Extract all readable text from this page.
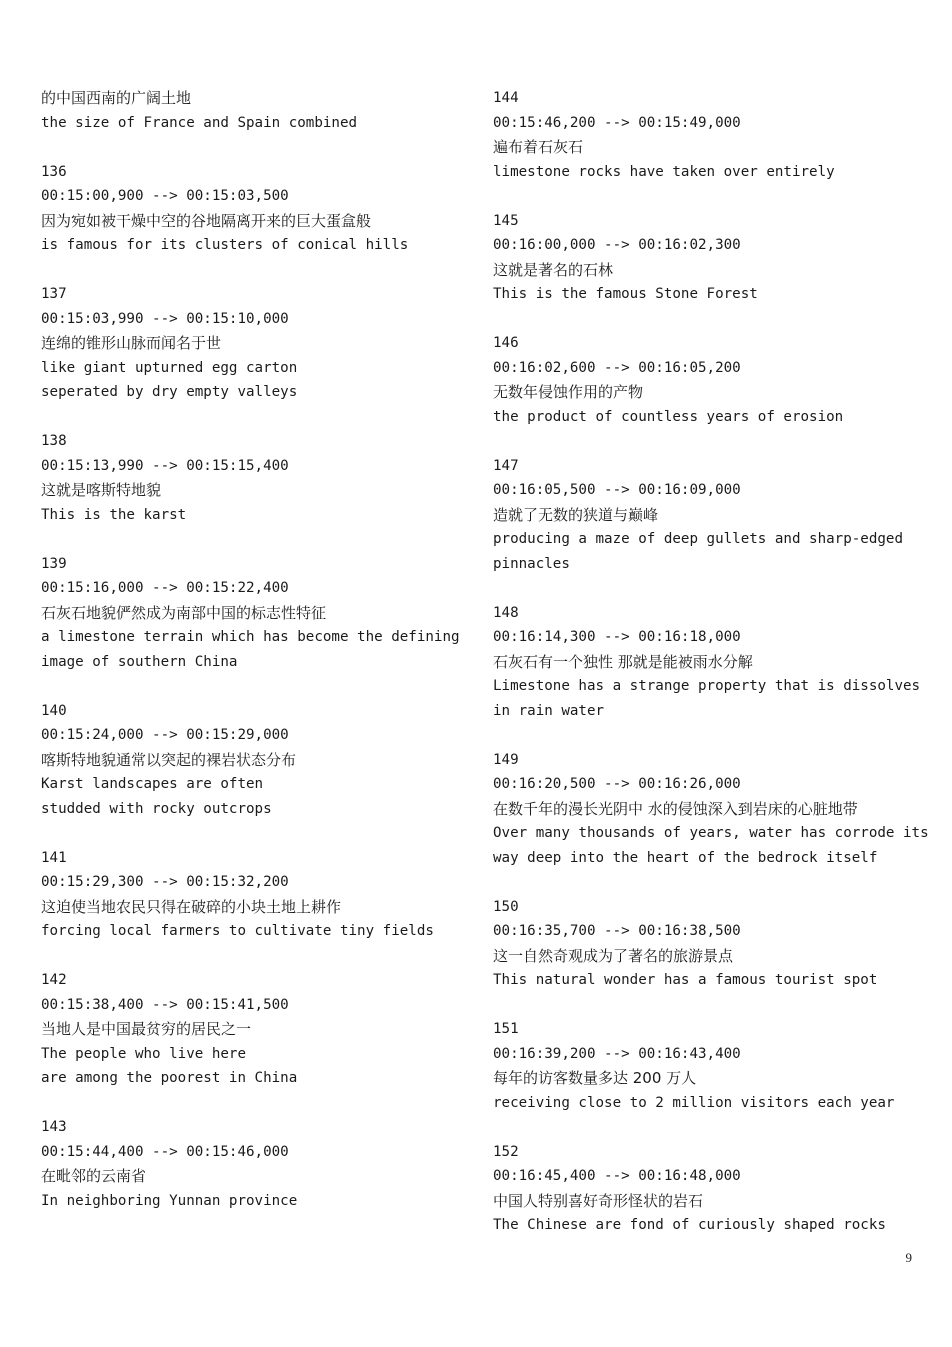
的中国西南的广阔土地
the size of France and Spain combined
136
00:15:00,900 --> 00:15:03,500
因为宛如被干燥中空的谷地隔离开来的巨大蛋盒般
is famous for its clusters of conical hills
137
00:15:03,990 --> 00:15:10,000
连绵的锥形山脉而闻名于世
like giant upturned egg carton
seperated by dry empty valleys
138
00:15:13,990 --> 00:15:15,400
这就是喀斯特地貌
This is the karst
139
00:15:16,000 --> 00:15:22,400
石灰石地貌俨然成为南部中国的标志性特征
a limestone terrain which has become the defining
image of southern China
140
00:15:24,000 --> 00:15:29,000
喀斯特地貌通常以突起的裸岩状态分布
Karst landscapes are often
studded with rocky outcrops
141
00:15:29,300 --> 00:15:32,200
这迫使当地农民只得在破碎的小块土地上耕作
forcing local farmers to cultivate tiny fields
142
00:15:38,400 --> 00:15:41,500
当地人是中国最贫穷的居民之一
The people who live here
are among the poorest in China
143
00:15:44,400 --> 00:15:46,000
在毗邻的云南省
In neighboring Yunnan province
144
00:15:46,200 --> 00:15:49,000
遍布着石灰石
limestone rocks have taken over entirely
145
00:16:00,000 --> 00:16:02,300
这就是著名的石林
This is the famous Stone Forest
146
00:16:02,600 --> 00:16:05,200
无数年侵蚀作用的产物
the product of countless years of erosion
147
00:16:05,500 --> 00:16:09,000
造就了无数的狭道与巅峰
producing a maze of deep gullets and sharp-edged
pinnacles
148
00:16:14,300 --> 00:16:18,000
石灰石有一个独性 那就是能被雨水分解
Limestone has a strange property that is dissolves
in rain water
149
00:16:20,500 --> 00:16:26,000
在数千年的漫长光阴中 水的侵蚀深入到岩床的心脏地带
Over many thousands of years, water has corrode its
way deep into the heart of the bedrock itself
150
00:16:35,700 --> 00:16:38,500
这一自然奇观成为了著名的旅游景点
This natural wonder has a famous tourist spot
151
00:16:39,200 --> 00:16:43,400
每年的访客数量多达 200 万人
receiving close to 2 million visitors each year
152
00:16:45,400 --> 00:16:48,000
中国人特别喜好奇形怪状的岩石
The Chinese are fond of curiously shaped rocks
9
